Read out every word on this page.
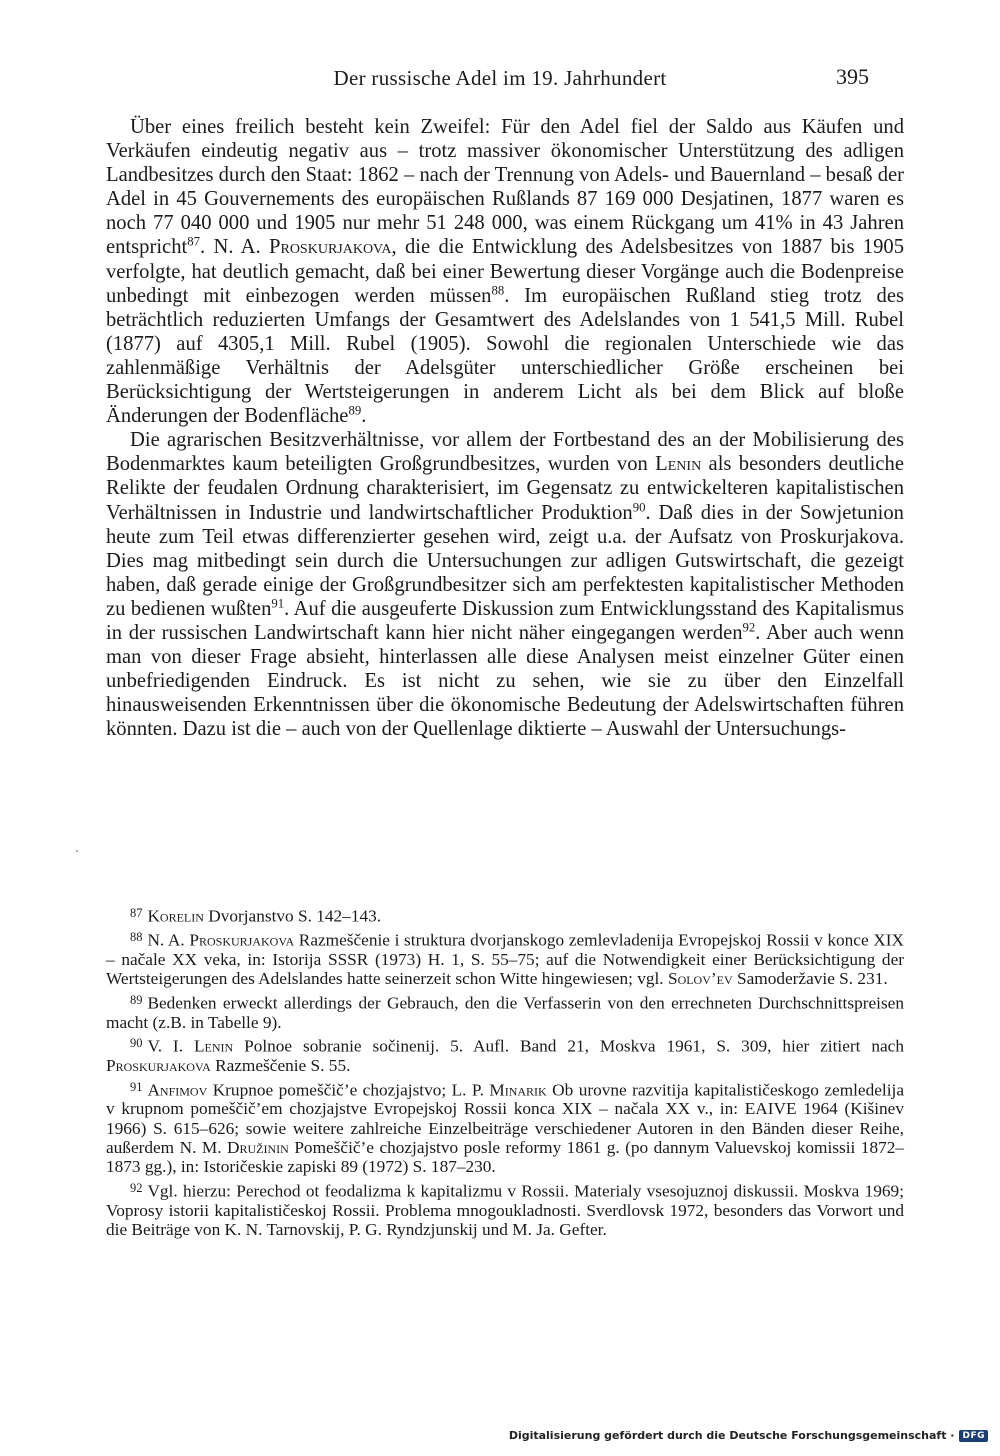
Der russische Adel im 19. Jahrhundert	395

Über eines freilich besteht kein Zweifel: Für den Adel fiel der Saldo aus Käufen und Verkäufen eindeutig negativ aus – trotz massiver ökonomischer Unterstützung des adligen Landbesitzes durch den Staat: 1862 – nach der Trennung von Adels- und Bauernland – besaß der Adel in 45 Gouvernements des europäischen Rußlands 87 169 000 Desjatinen, 1877 waren es noch 77 040 000 und 1905 nur mehr 51 248 000, was einem Rückgang um 41% in 43 Jahren entspricht$^{87}$. N. A. Proskurjakova, die die Entwicklung des Adelsbesitzes von 1887 bis 1905 verfolgte, hat deutlich gemacht, daß bei einer Bewertung dieser Vorgänge auch die Bodenpreise unbedingt mit einbezogen werden müssen$^{88}$. Im europäischen Rußland stieg trotz des beträchtlich reduzierten Umfangs der Gesamtwert des Adelslandes von 1 541,5 Mill. Rubel (1877) auf 4305,1 Mill. Rubel (1905). Sowohl die regionalen Unterschiede wie das zahlenmäßige Verhältnis der Adelsgüter unterschiedlicher Größe erscheinen bei Berücksichtigung der Wertsteigerungen in anderem Licht als bei dem Blick auf bloße Änderungen der Bodenfläche$^{89}$.

Die agrarischen Besitzverhältnisse, vor allem der Fortbestand des an der Mobilisierung des Bodenmarktes kaum beteiligten Großgrundbesitzes, wurden von Lenin als besonders deutliche Relikte der feudalen Ordnung charakterisiert, im Gegensatz zu entwickelteren kapitalistischen Verhältnissen in Industrie und landwirtschaftlicher Produktion$^{90}$. Daß dies in der Sowjetunion heute zum Teil etwas differenzierter gesehen wird, zeigt u.a. der Aufsatz von Proskurjakova. Dies mag mitbedingt sein durch die Untersuchungen zur adligen Gutswirtschaft, die gezeigt haben, daß gerade einige der Großgrundbesitzer sich am perfektesten kapitalistischer Methoden zu bedienen wußten$^{91}$. Auf die ausgeuferte Diskussion zum Entwicklungsstand des Kapitalismus in der russischen Landwirtschaft kann hier nicht näher eingegangen werden$^{92}$. Aber auch wenn man von dieser Frage absieht, hinterlassen alle diese Analysen meist einzelner Güter einen unbefriedigenden Eindruck. Es ist nicht zu sehen, wie sie zu über den Einzelfall hinausweisenden Erkenntnissen über die ökonomische Bedeutung der Adelswirtschaften führen könnten. Dazu ist die – auch von der Quellenlage diktierte – Auswahl der Untersuchungs-

$^{87}$ Korelin Dvorjanstvo S. 142–143.

$^{88}$ N. A. Proskurjakova Razmeščenie i struktura dvorjanskogo zemlevladenija Evropejskoj Rossii v konce XIX – načale XX veka, in: Istorija SSSR (1973) H. 1, S. 55–75; auf die Notwendigkeit einer Berücksichtigung der Wertsteigerungen des Adelslandes hatte seinerzeit schon Witte hingewiesen; vgl. Solov’ev Samoderžavie S. 231.

$^{89}$ Bedenken erweckt allerdings der Gebrauch, den die Verfasserin von den errechneten Durchschnittspreisen macht (z.B. in Tabelle 9).

$^{90}$ V. I. Lenin Polnoe sobranie sočinenij. 5. Aufl. Band 21, Moskva 1961, S. 309, hier zitiert nach Proskurjakova Razmeščenie S. 55.

$^{91}$ Anfimov Krupnoe pomeščič’e chozjajstvo; L. P. Minarik Ob urovne razvitija kapitalističeskogo zemledelija v krupnom pomeščič’em chozjajstve Evropejskoj Rossii konca XIX – načala XX v., in: EAIVE 1964 (Kišinev 1966) S. 615–626; sowie weitere zahlreiche Einzelbeiträge verschiedener Autoren in den Bänden dieser Reihe, außerdem N. M. Družinin Pomeščič’e chozjajstvo posle reformy 1861 g. (po dannym Valuevskoj komissii 1872–1873 gg.), in: Istoričeskie zapiski 89 (1972) S. 187–230.

$^{92}$ Vgl. hierzu: Perechod ot feodalizma k kapitalizmu v Rossii. Materialy vsesojuznoj diskussii. Moskva 1969; Voprosy istorii kapitalističeskoj Rossii. Problema mnogoukladnosti. Sverdlovsk 1972, besonders das Vorwort und die Beiträge von K. N. Tarnovskij, P. G. Ryndzjunskij und M. Ja. Gefter.

Digitalisierung gefördert durch die Deutsche Forschungsgemeinschaft · DFG
